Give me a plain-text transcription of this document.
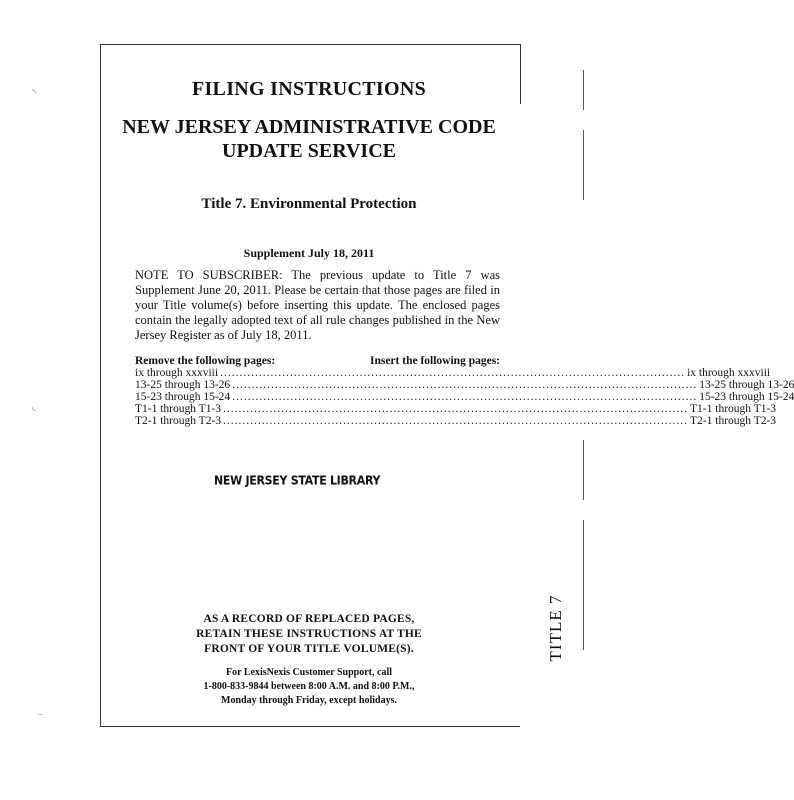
◝
◟
⁻
FILING INSTRUCTIONS
NEW JERSEY ADMINISTRATIVE CODE
UPDATE SERVICE
Title 7. Environmental Protection
Supplement July 18, 2011
NOTE TO SUBSCRIBER: The previous update to Title 7 was Supplement June 20, 2011. Please be certain that those pages are filed in your Title volume(s) before inserting this update. The enclosed pages contain the legally adopted text of all rule changes published in the New Jersey Register as of July 18, 2011.
Remove the following pages:	Insert the following pages:
ix through xxxviii ........................................................................................................................ ix through xxxviii
13-25 through 13-26 ........................................................................................................................ 13-25 through 13-26
15-23 through 15-24 ........................................................................................................................ 15-23 through 15-24
T1-1 through T1-3 ........................................................................................................................ T1-1 through T1-3
T2-1 through T2-3 ........................................................................................................................ T2-1 through T2-3
NEW JERSEY STATE LIBRARY
AS A RECORD OF REPLACED PAGES,
RETAIN THESE INSTRUCTIONS AT THE
FRONT OF YOUR TITLE VOLUME(S).
For LexisNexis Customer Support, call
1-800-833-9844 between 8:00 A.M. and 8:00 P.M.,
Monday through Friday, except holidays.
TITLE 7
